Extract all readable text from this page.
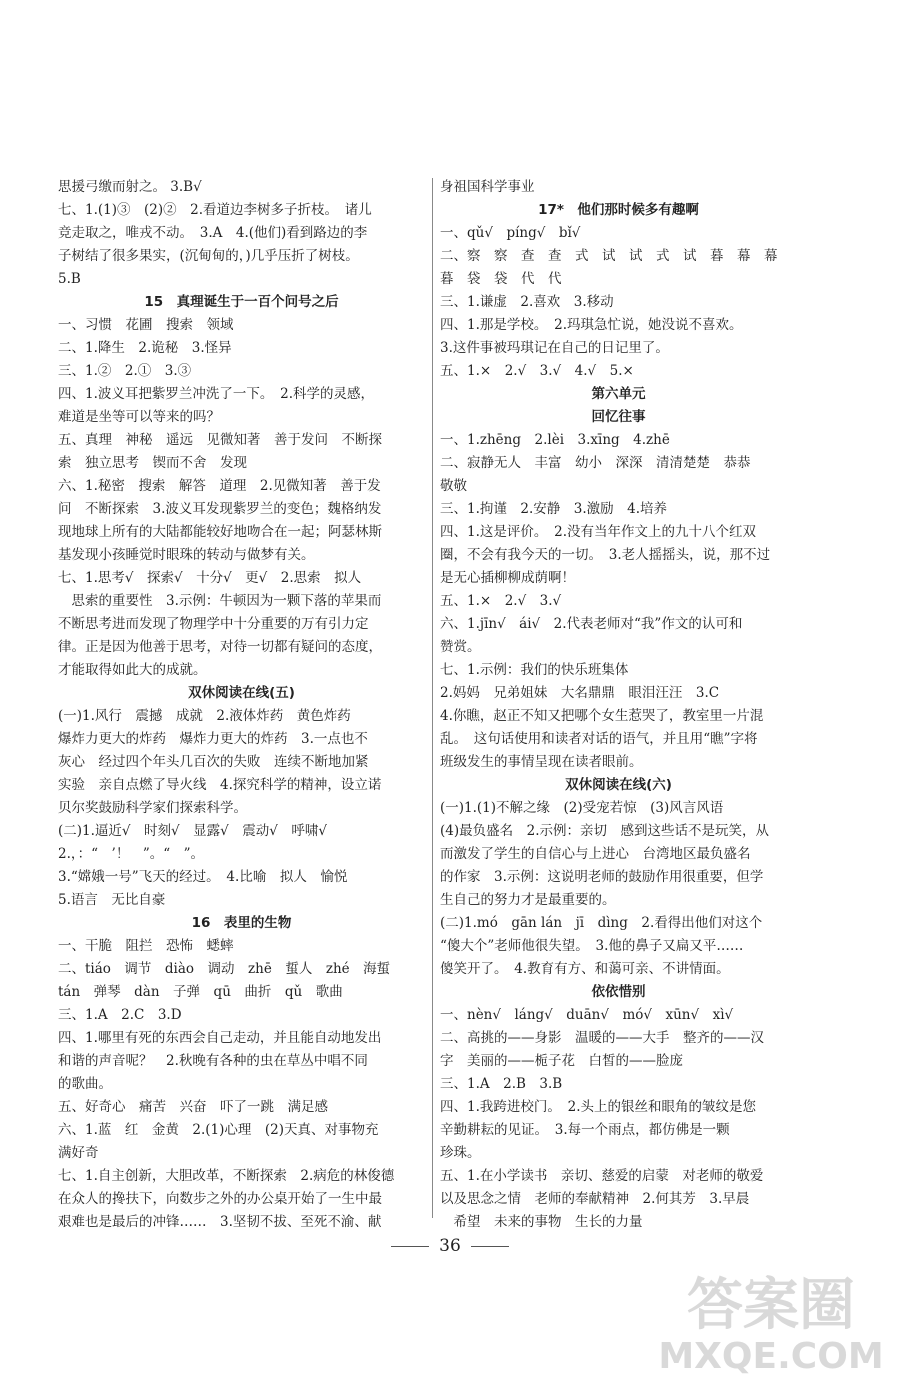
思援弓缴而射之。 3.B√
七、1.(1)③　(2)②　2.看道边李树多子折枝。　诸儿
竞走取之，唯戎不动。　3.A　4.(他们)看到路边的李
子树结了很多果实，(沉甸甸的，)几乎压折了树枝。
5.B
15　真理诞生于一百个问号之后
一、习惯　花圃　搜索　领域
二、1.降生　2.诡秘　3.怪异
三、1.②　2.①　3.③
四、1.波义耳把紫罗兰冲洗了一下。　2.科学的灵感，
难道是坐等可以等来的吗？
五、真理　神秘　遥远　见微知著　善于发问　不断探
索　独立思考　锲而不舍　发现
六、1.秘密　搜索　解答　道理　2.见微知著　善于发
问　不断探索　3.波义耳发现紫罗兰的变色；魏格纳发
现地球上所有的大陆都能较好地吻合在一起；阿瑟林斯
基发现小孩睡觉时眼珠的转动与做梦有关。
七、1.思考√　探索√　十分√　更√　2.思索　拟人
　思索的重要性　3.示例：牛顿因为一颗下落的苹果而
不断思考进而发现了物理学中十分重要的万有引力定
律。正是因为他善于思考，对待一切都有疑问的态度，
才能取得如此大的成就。
双休阅读在线(五)
(一)1.风行　震撼　成就　2.液体炸药　黄色炸药
爆炸力更大的炸药　爆炸力更大的炸药　3.一点也不
灰心　经过四个年头几百次的失败　连续不断地加紧
实验　亲自点燃了导火线　4.探究科学的精神，设立诺
贝尔奖鼓励科学家们探索科学。
(二)1.逼近√　时刻√　显露√　震动√　呼啸√
2.，：“　’！　”。“　”。
3.“嫦娥一号”飞天的经过。　4.比喻　拟人　愉悦
5.语言　无比自豪
16　表里的生物
一、干脆　阻拦　恐怖　蟋蟀
二、tiáo　调节　diào　调动　zhē　蜇人　zhé　海蜇
tán　弹琴　dàn　子弹　qū　曲折　qǔ　歌曲
三、1.A　2.C　3.D
四、1.哪里有死的东西会自己走动，并且能自动地发出
和谐的声音呢？　2.秋晚有各种的虫在草丛中唱不同
的歌曲。
五、好奇心　痛苦　兴奋　吓了一跳　满足感
六、1.蓝　红　金黄　2.(1)心理　(2)天真、对事物充
满好奇
七、1.自主创新，大胆改革，不断探索　2.病危的林俊德
在众人的搀扶下，向数步之外的办公桌开始了一生中最
艰难也是最后的冲锋……　3.坚韧不拔、至死不渝、献
身祖国科学事业
17*　他们那时候多有趣啊
一、qǔ√　píng√　bǐ√
二、察　察　查　查　式　试　试　式　试　暮　幕　幕
暮　袋　袋　代　代
三、1.谦虚　2.喜欢　3.移动
四、1.那是学校。　2.玛琪急忙说，她没说不喜欢。
3.这件事被玛琪记在自己的日记里了。
五、1.×　2.√　3.√　4.√　5.×
第六单元
回忆往事
一、1.zhēng　2.lèi　3.xīng　4.zhē
二、寂静无人　丰富　幼小　深深　清清楚楚　恭恭
敬敬
三、1.拘谨　2.安静　3.激励　4.培养
四、1.这是评价。　2.没有当年作文上的九十八个红双
圈，不会有我今天的一切。　3.老人摇摇头，说，那不过
是无心插柳柳成荫啊！
五、1.×　2.√　3.√
六、1.jīn√　ái√　2.代表老师对“我”作文的认可和
赞赏。
七、1.示例：我们的快乐班集体
2.妈妈　兄弟姐妹　大名鼎鼎　眼泪汪汪　3.C
4.你瞧，赵正不知又把哪个女生惹哭了，教室里一片混
乱。　这句话使用和读者对话的语气，并且用“瞧”字将
班级发生的事情呈现在读者眼前。
双休阅读在线(六)
(一)1.(1)不解之缘　(2)受宠若惊　(3)风言风语
(4)最负盛名　2.示例：亲切　感到这些话不是玩笑，从
而激发了学生的自信心与上进心　台湾地区最负盛名
的作家　3.示例：这说明老师的鼓励作用很重要，但学
生自己的努力才是最重要的。
(二)1.mó　gān lán　jī　dìng　2.看得出他们对这个
“傻大个”老师他很失望。　3.他的鼻子又扁又平……
傻笑开了。　4.教育有方、和蔼可亲、不讲情面。
依依惜别
一、nèn√　láng√　duān√　mó√　xūn√　xì√
二、高挑的——身影　温暖的——大手　整齐的——汉
字　美丽的——栀子花　白皙的——脸庞
三、1.A　2.B　3.B
四、1.我跨进校门。　2.头上的银丝和眼角的皱纹是您
辛勤耕耘的见证。　3.每一个雨点，都仿佛是一颗
珍珠。
五、1.在小学读书　亲切、慈爱的启蒙　对老师的敬爱
以及思念之情　老师的奉献精神　2.何其芳　3.早晨
　希望　未来的事物　生长的力量
36
答案圈
MXQE.COM
